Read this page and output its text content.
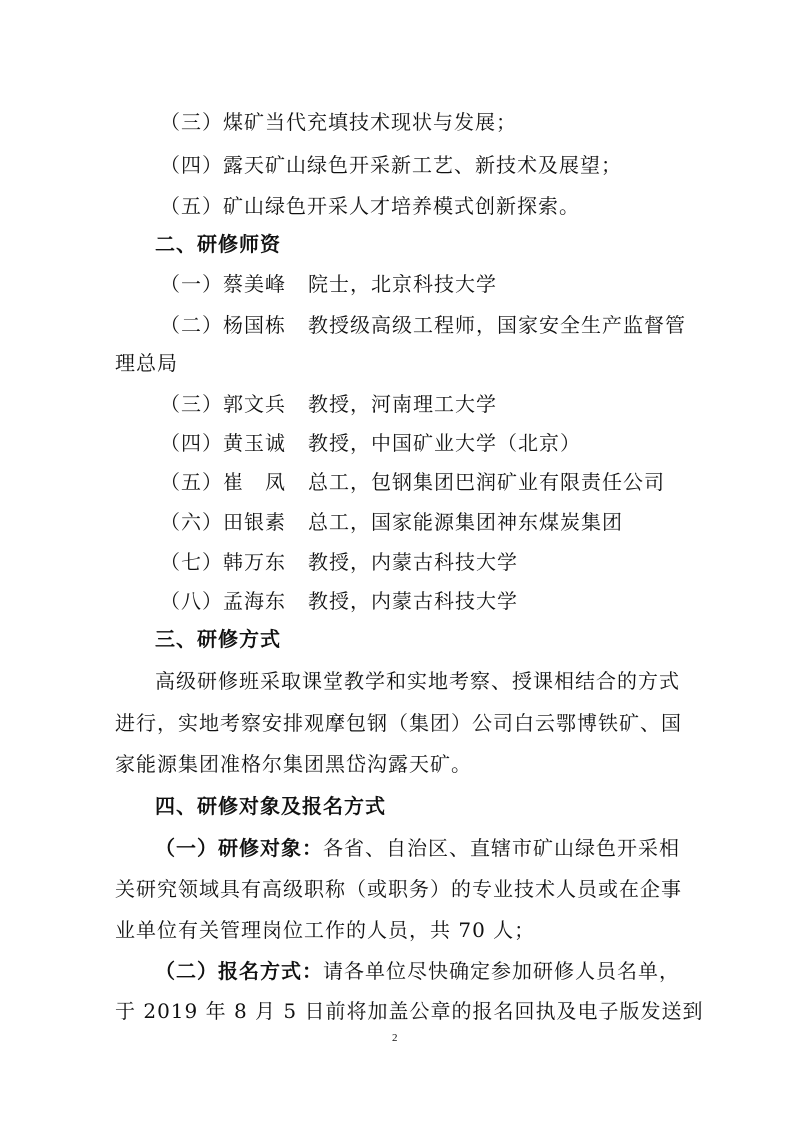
（三）煤矿当代充填技术现状与发展；
（四）露天矿山绿色开采新工艺、新技术及展望；
（五）矿山绿色开采人才培养模式创新探索。
二、研修师资
（一）蔡美峰 院士，北京科技大学
（二）杨国栋 教授级高级工程师，国家安全生产监督管
理总局
（三）郭文兵 教授，河南理工大学
（四）黄玉诚 教授，中国矿业大学（北京）
（五）崔　凤 总工，包钢集团巴润矿业有限责任公司
（六）田银素 总工，国家能源集团神东煤炭集团
（七）韩万东 教授，内蒙古科技大学
（八）孟海东 教授，内蒙古科技大学
三、研修方式
高级研修班采取课堂教学和实地考察、授课相结合的方式
进行，实地考察安排观摩包钢（集团）公司白云鄂博铁矿、国
家能源集团准格尔集团黑岱沟露天矿。
四、研修对象及报名方式
（一）研修对象： 各省、自治区、直辖市矿山绿色开采相
关研究领域具有高级职称（或职务）的专业技术人员或在企事
业单位有关管理岗位工作的人员，共 70 人；
（二）报名方式： 请各单位尽快确定参加研修人员名单，
于 2019 年 8 月 5 日前将加盖公章的报名回执及电子版发送到
2
